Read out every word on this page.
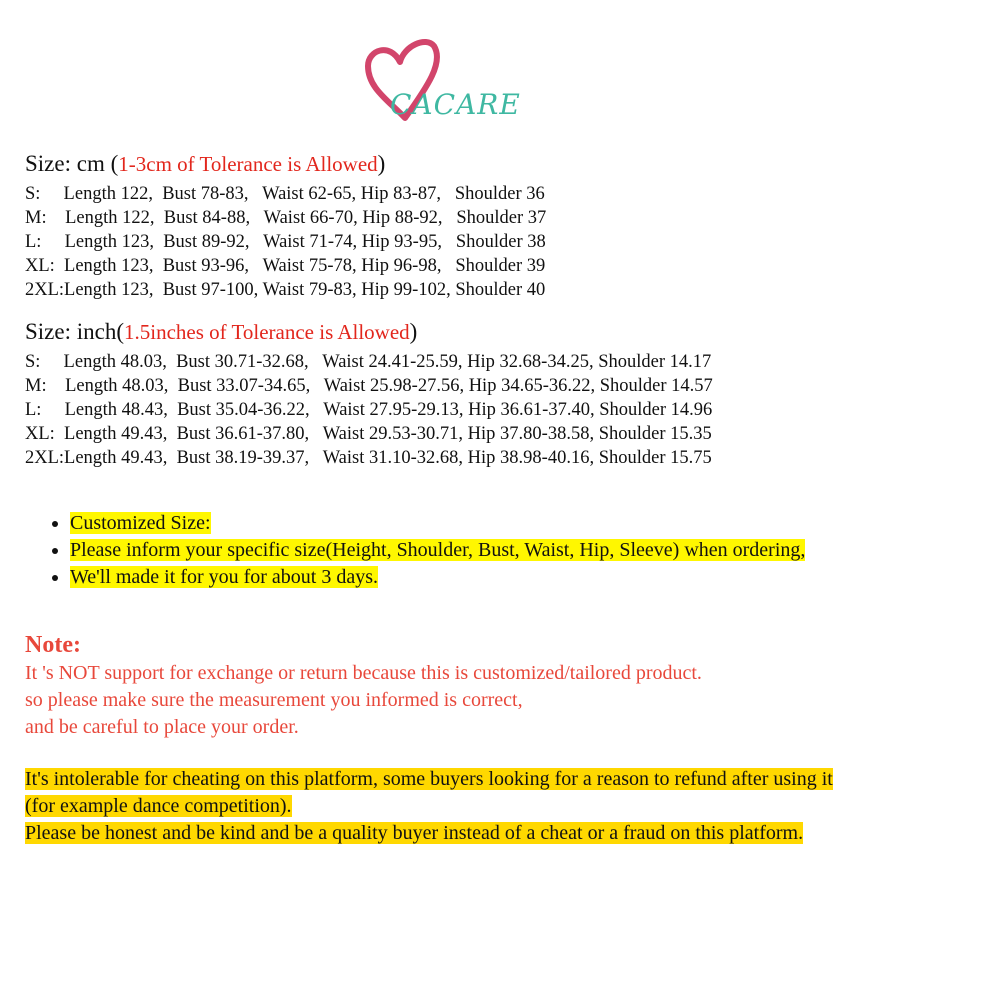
CACARE
Size: cm (1-3cm of Tolerance is Allowed)
S:     Length 122,  Bust 78-83,   Waist 62-65, Hip 83-87,   Shoulder 36
M:    Length 122,  Bust 84-88,   Waist 66-70, Hip 88-92,   Shoulder 37
L:     Length 123,  Bust 89-92,   Waist 71-74, Hip 93-95,   Shoulder 38
XL:  Length 123,  Bust 93-96,   Waist 75-78, Hip 96-98,   Shoulder 39
2XL:Length 123,  Bust 97-100, Waist 79-83, Hip 99-102, Shoulder 40
Size: inch(1.5inches of Tolerance is Allowed)
S:     Length 48.03,  Bust 30.71-32.68,   Waist 24.41-25.59, Hip 32.68-34.25, Shoulder 14.17
M:    Length 48.03,  Bust 33.07-34.65,   Waist 25.98-27.56, Hip 34.65-36.22, Shoulder 14.57
L:     Length 48.43,  Bust 35.04-36.22,   Waist 27.95-29.13, Hip 36.61-37.40, Shoulder 14.96
XL:  Length 49.43,  Bust 36.61-37.80,   Waist 29.53-30.71, Hip 37.80-38.58, Shoulder 15.35
2XL:Length 49.43,  Bust 38.19-39.37,   Waist 31.10-32.68, Hip 38.98-40.16, Shoulder 15.75
• Customized Size:
• Please inform your specific size(Height, Shoulder, Bust, Waist, Hip, Sleeve) when ordering,
• We'll made it for you for about 3 days.
Note:
It 's NOT support for exchange or return because this is customized/tailored product.
so please make sure the measurement you informed is correct,
and be careful to place your order.
It's intolerable for cheating on this platform, some buyers looking for a reason to refund after using it
(for example dance competition).
Please be honest and be kind and be a quality buyer instead of a cheat or a fraud on this platform.
